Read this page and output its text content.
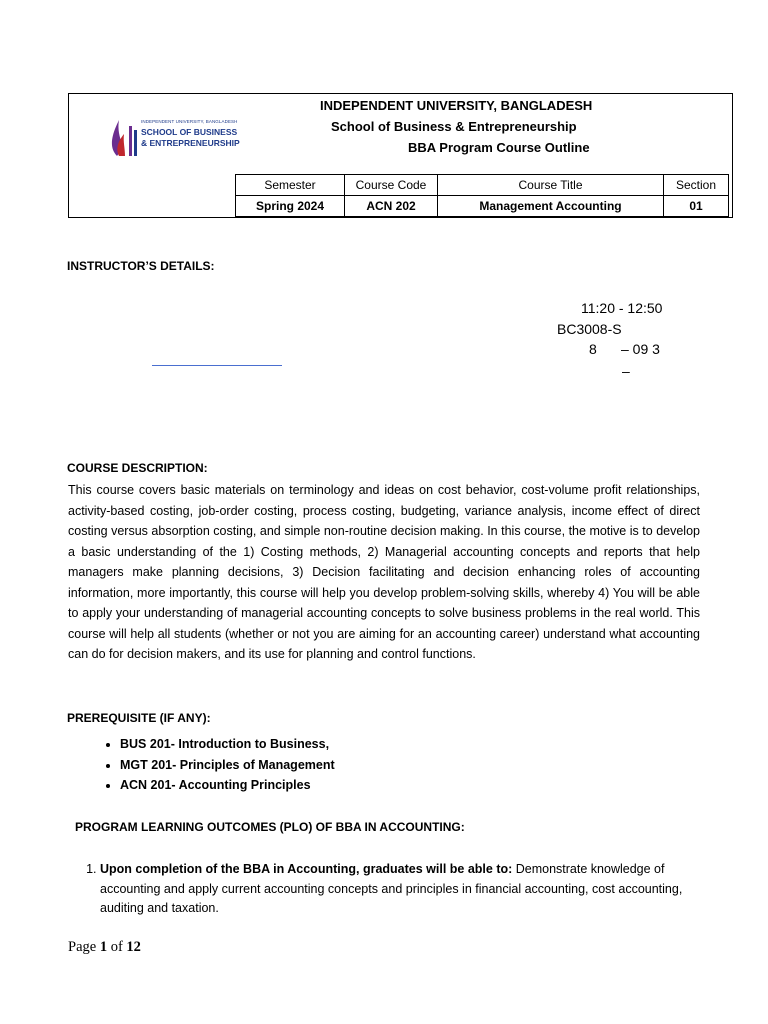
INDEPENDENT UNIVERSITY, BANGLADESH
SCHOOL OF BUSINESS
& ENTREPRENEURSHIP
INDEPENDENT UNIVERSITY, BANGLADESH
School of Business & Entrepreneurship
BBA Program Course Outline
Semester	Course Code	Course Title	Section
Spring 2024	ACN 202	Management Accounting	01
INSTRUCTOR’S DETAILS:
11:20 - 12:50
BC3008-S
8 – 09 3
–
COURSE DESCRIPTION:
This course covers basic materials on terminology and ideas on cost behavior, cost-volume profit relationships, activity-based costing, job-order costing, process costing, budgeting, variance analysis, income effect of direct costing versus absorption costing, and simple non-routine decision making. In this course, the motive is to develop a basic understanding of the 1) Costing methods, 2) Managerial accounting concepts and reports that help managers make planning decisions, 3) Decision facilitating and decision enhancing roles of accounting information, more importantly, this course will help you develop problem-solving skills, whereby 4) You will be able to apply your understanding of managerial accounting concepts to solve business problems in the real world. This course will help all students (whether or not you are aiming for an accounting career) understand what accounting can do for decision makers, and its use for planning and control functions.
PREREQUISITE (IF ANY):
• BUS 201- Introduction to Business,
• MGT 201- Principles of Management
• ACN 201- Accounting Principles
PROGRAM LEARNING OUTCOMES (PLO) OF BBA IN ACCOUNTING:
1. Upon completion of the BBA in Accounting, graduates will be able to: Demonstrate knowledge of accounting and apply current accounting concepts and principles in financial accounting, cost accounting, auditing and taxation.
Page 1 of 12
